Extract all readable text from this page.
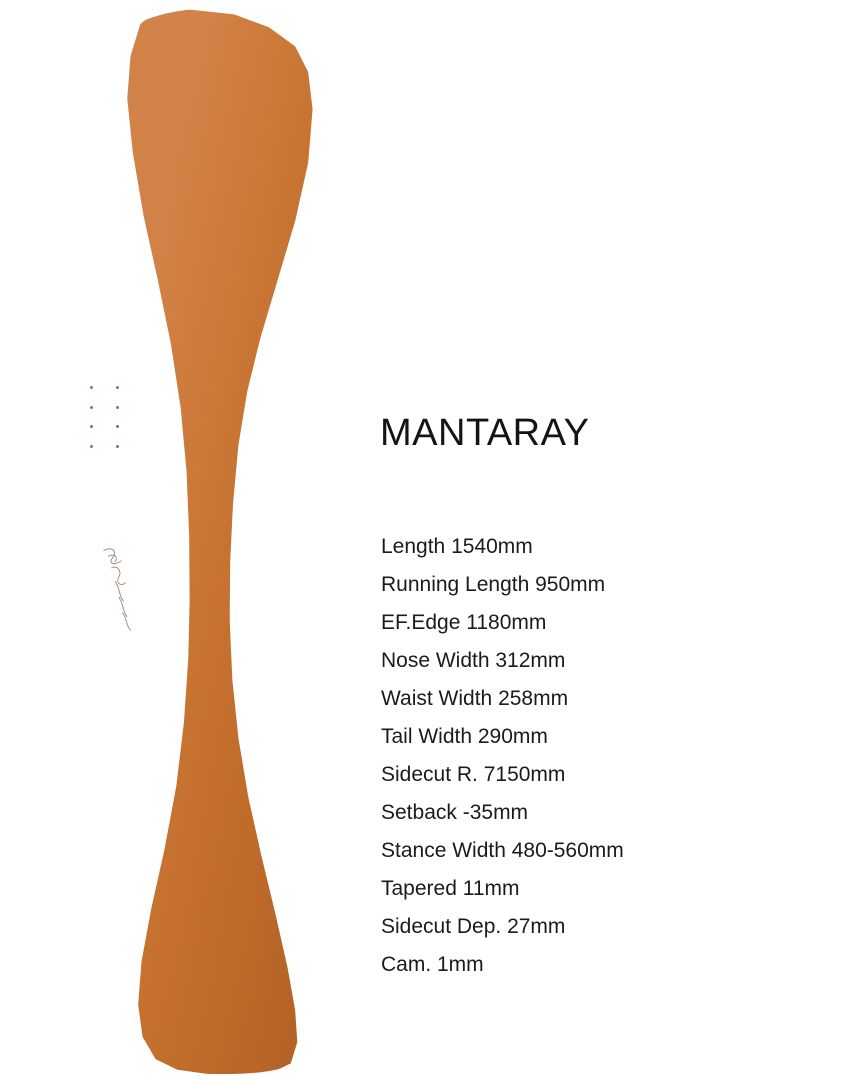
MANTARAY
Length 1540mm
Running Length 950mm
EF.Edge 1180mm
Nose Width 312mm
Waist Width 258mm
Tail Width 290mm
Sidecut R. 7150mm
Setback -35mm
Stance Width 480-560mm
Tapered 11mm
Sidecut Dep. 27mm
Cam. 1mm
